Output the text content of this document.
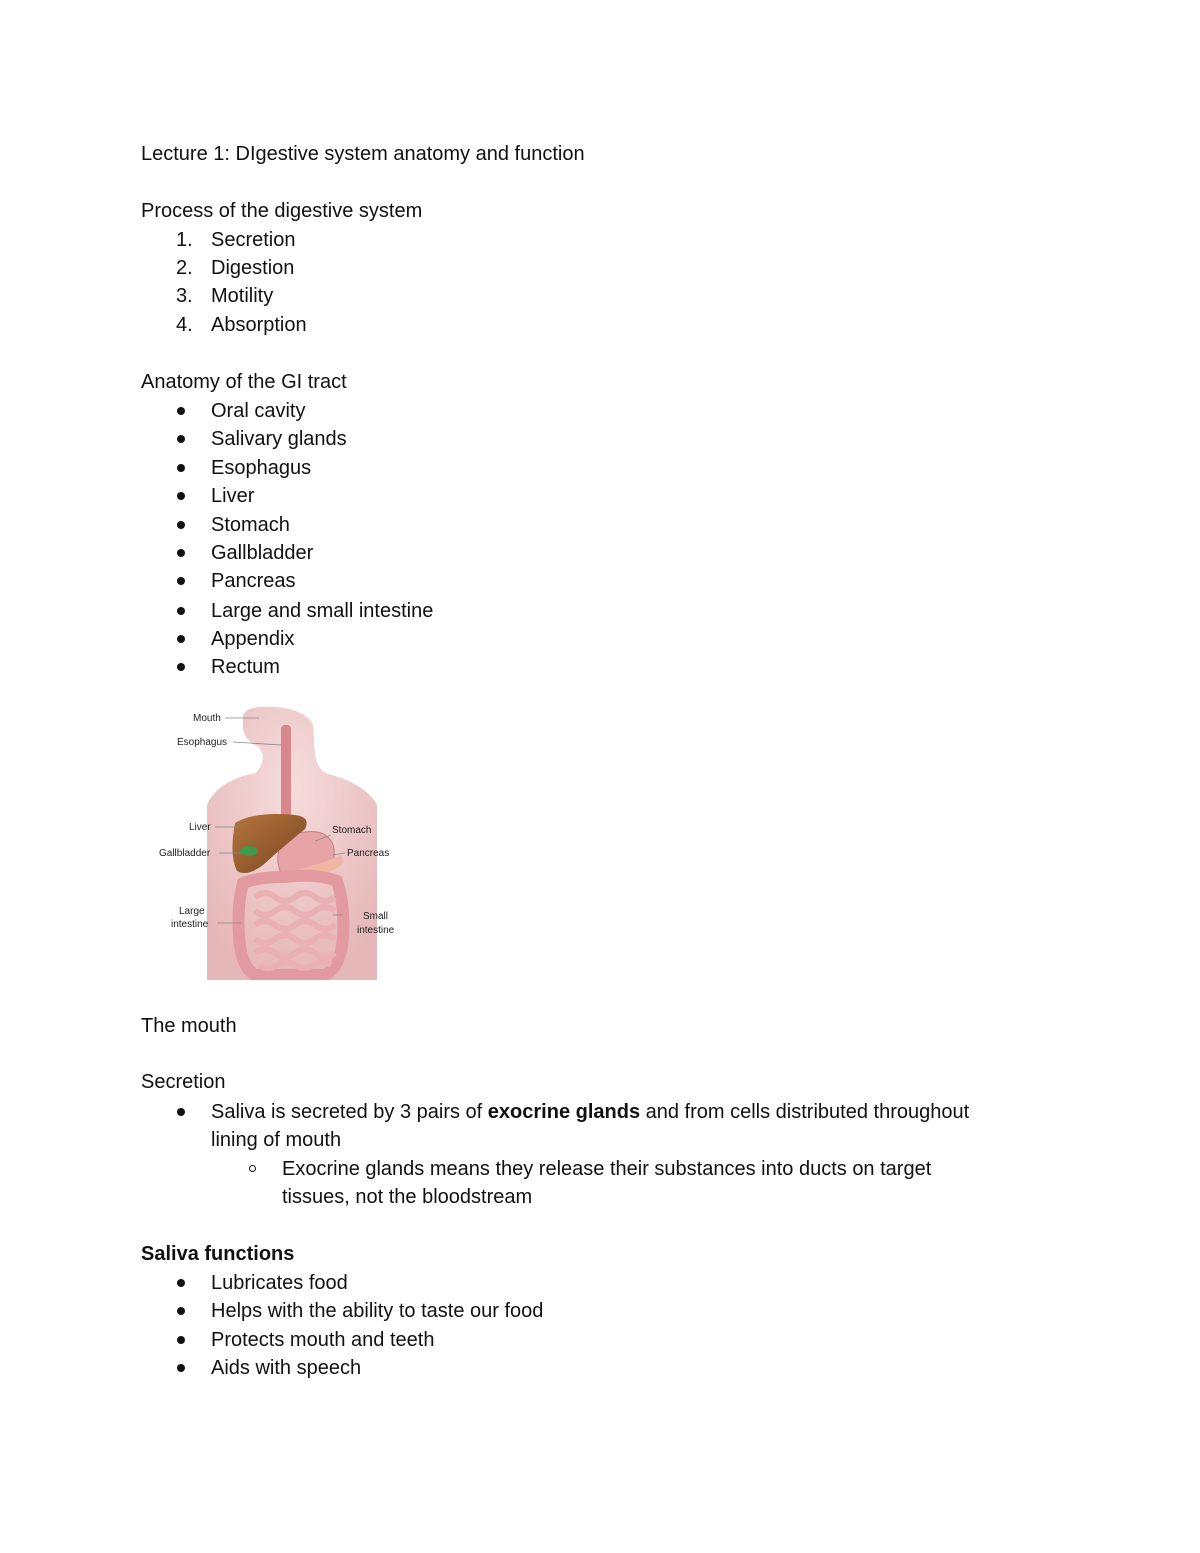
Lecture 1: DIgestive system anatomy and function
Process of the digestive system
1. Secretion
2. Digestion
3. Motility
4. Absorption
Anatomy of the GI tract
Oral cavity
Salivary glands
Esophagus
Liver
Stomach
Gallbladder
Pancreas
Large and small intestine
Appendix
Rectum
Mouth
Esophagus
Liver
Gallbladder
Large
intestine
Stomach
Pancreas
Small
intestine
The mouth
Secretion
Saliva is secreted by 3 pairs of exocrine glands and from cells distributed throughout
lining of mouth
Exocrine glands means they release their substances into ducts on target
tissues, not the bloodstream
Saliva functions
Lubricates food
Helps with the ability to taste our food
Protects mouth and teeth
Aids with speech
